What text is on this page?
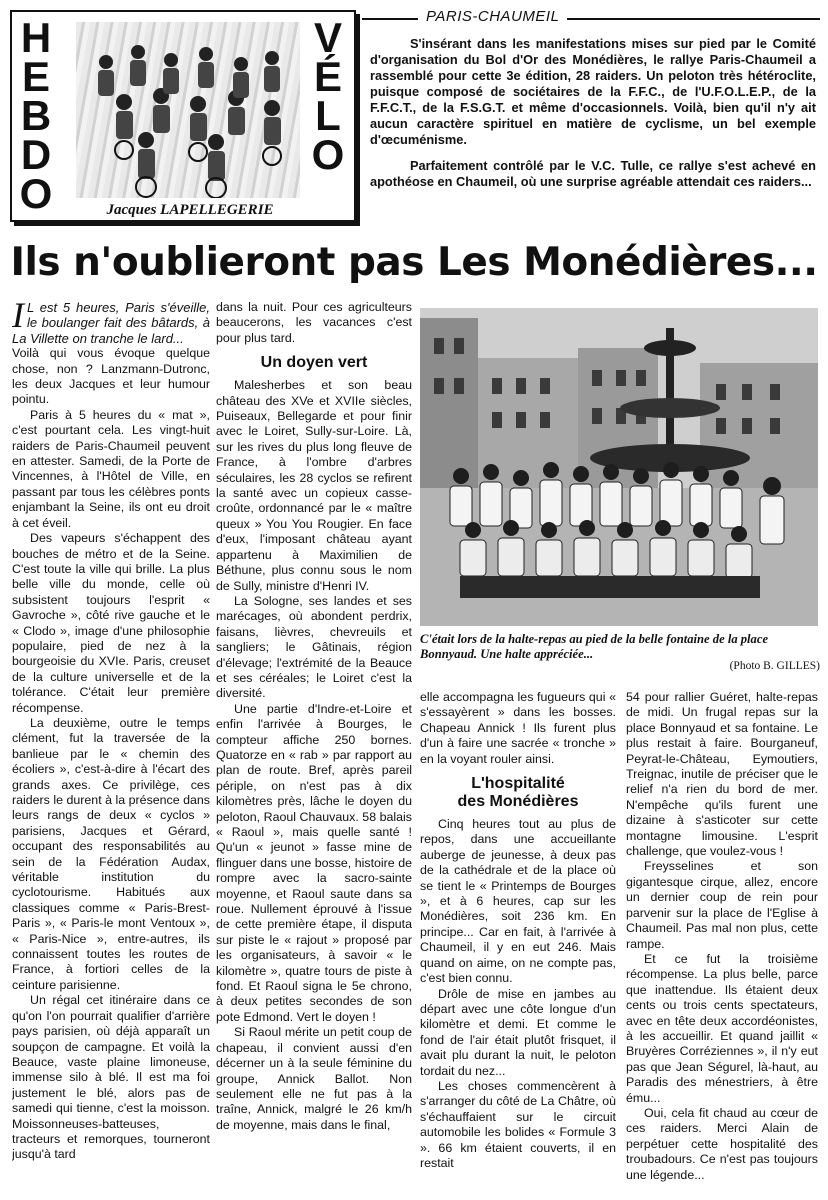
H
E
B
D
O
V
É
L
O
Jacques LAPELLEGERIE
PARIS-CHAUMEIL

S'insérant dans les manifestations mises sur pied par le Comité d'organisation du Bol d'Or des Monédières, le rallye Paris-Chaumeil a rassemblé pour cette 3e édition, 28 raiders. Un peloton très hétéroclite, puisque composé de sociétaires de la F.F.C., de l'U.F.O.L.E.P., de la F.F.C.T., de la F.S.G.T. et même d'occasionnels. Voilà, bien qu'il n'y ait aucun caractère spirituel en matière de cyclisme, un bel exemple d'œcuménisme.

Parfaitement contrôlé par le V.C. Tulle, ce rallye s'est achevé en apothéose en Chaumeil, où une surprise agréable attendait ces raiders...

Ils n'oublieront pas Les Monédières...

I L est 5 heures, Paris s'éveille, le boulanger fait des bâtards, à La Villette on tranche le lard...

Voilà qui vous évoque quelque chose, non ? Lanzmann-Dutronc, les deux Jacques et leur humour pointu.

Paris à 5 heures du « mat », c'est pourtant cela. Les vingt-huit raiders de Paris-Chaumeil peuvent en attester. Samedi, de la Porte de Vincennes, à l'Hôtel de Ville, en passant par tous les célèbres ponts enjambant la Seine, ils ont eu droit à cet éveil.

Des vapeurs s'échappent des bouches de métro et de la Seine. C'est toute la ville qui brille. La plus belle ville du monde, celle où subsistent toujours l'esprit « Gavroche », côté rive gauche et le « Clodo », image d'une philosophie populaire, pied de nez à la bourgeoisie du XVIe. Paris, creuset de la culture universelle et de la tolérance. C'était leur première récompense.

La deuxième, outre le temps clément, fut la traversée de la banlieue par le « chemin des écoliers », c'est-à-dire à l'écart des grands axes. Ce privilège, ces raiders le durent à la présence dans leurs rangs de deux « cyclos » parisiens, Jacques et Gérard, occupant des responsabilités au sein de la Fédération Audax, véritable institution du cyclotourisme. Habitués aux classiques comme « Paris-Brest-Paris », « Paris-le mont Ventoux », « Paris-Nice », entre-autres, ils connaissent toutes les routes de France, à fortiori celles de la ceinture parisienne.

Un régal cet itinéraire dans ce qu'on l'on pourrait qualifier d'arrière pays parisien, où déjà apparaît un soupçon de campagne. Et voilà la Beauce, vaste plaine limoneuse, immense silo à blé. Il est ma foi justement le blé, alors pas de samedi qui tienne, c'est la moisson. Moissonneuses-batteuses, tracteurs et remorques, tourneront jusqu'à tard

dans la nuit. Pour ces agriculteurs beaucerons, les vacances c'est pour plus tard.

Un doyen vert

Malesherbes et son beau château des XVe et XVIIe siècles, Puiseaux, Bellegarde et pour finir avec le Loiret, Sully-sur-Loire. Là, sur les rives du plus long fleuve de France, à l'ombre d'arbres séculaires, les 28 cyclos se refirent la santé avec un copieux casse-croûte, ordonnancé par le « maître queux » You You Rougier. En face d'eux, l'imposant château ayant appartenu à Maximilien de Béthune, plus connu sous le nom de Sully, ministre d'Henri IV.

La Sologne, ses landes et ses marécages, où abondent perdrix, faisans, lièvres, chevreuils et sangliers; le Gâtinais, région d'élevage; l'extrémité de la Beauce et ses céréales; le Loiret c'est la diversité.

Une partie d'Indre-et-Loire et enfin l'arrivée à Bourges, le compteur affiche 250 bornes. Quatorze en « rab » par rapport au plan de route. Bref, après pareil périple, on n'est pas à dix kilomètres près, lâche le doyen du peloton, Raoul Chauvaux. 58 balais « Raoul », mais quelle santé ! Qu'un « jeunot » fasse mine de flinguer dans une bosse, histoire de rompre avec la sacro-sainte moyenne, et Raoul saute dans sa roue. Nullement éprouvé à l'issue de cette première étape, il disputa sur piste le « rajout » proposé par les organisateurs, à savoir « le kilomètre », quatre tours de piste à fond. Et Raoul signa le 5e chrono, à deux petites secondes de son pote Edmond. Vert le doyen !

Si Raoul mérite un petit coup de chapeau, il convient aussi d'en décerner un à la seule féminine du groupe, Annick Ballot. Non seulement elle ne fut pas à la traîne, Annick, malgré le 26 km/h de moyenne, mais dans le final,

C'était lors de la halte-repas au pied de la belle fontaine de la place Bonnyaud. Une halte appréciée...
(Photo B. GILLES)

elle accompagna les fugueurs qui « s'essayèrent » dans les bosses. Chapeau Annick ! Ils furent plus d'un à faire une sacrée « tronche » en la voyant rouler ainsi.

L'hospitalité
des Monédières

Cinq heures tout au plus de repos, dans une accueillante auberge de jeunesse, à deux pas de la cathédrale et de la place où se tient le « Printemps de Bourges », et à 6 heures, cap sur les Monédières, soit 236 km. En principe... Car en fait, à l'arrivée à Chaumeil, il y en eut 246. Mais quand on aime, on ne compte pas, c'est bien connu.

Drôle de mise en jambes au départ avec une côte longue d'un kilomètre et demi. Et comme le fond de l'air était plutôt frisquet, il avait plu durant la nuit, le peloton tordait du nez...

Les choses commencèrent à s'arranger du côté de La Châtre, où s'échauffaient sur le circuit automobile les bolides « Formule 3 ». 66 km étaient couverts, il en restait

54 pour rallier Guéret, halte-repas de midi. Un frugal repas sur la place Bonnyaud et sa fontaine. Le plus restait à faire. Bourganeuf, Peyrat-le-Château, Eymoutiers, Treignac, inutile de préciser que le relief n'a rien du bord de mer. N'empêche qu'ils furent une dizaine à s'asticoter sur cette montagne limousine. L'esprit challenge, que voulez-vous !

Freysselines et son gigantesque cirque, allez, encore un dernier coup de rein pour parvenir sur la place de l'Eglise à Chaumeil. Pas mal non plus, cette rampe.

Et ce fut la troisième récompense. La plus belle, parce que inattendue. Ils étaient deux cents ou trois cents spectateurs, avec en tête deux accordéonistes, à les accueillir. Et quand jaillit « Bruyères Corréziennes », il n'y eut pas que Jean Ségurel, là-haut, au Paradis des ménestriers, à être ému...

Oui, cela fit chaud au cœur de ces raiders. Merci Alain de perpétuer cette hospitalité des troubadours. Ce n'est pas toujours une légende...
